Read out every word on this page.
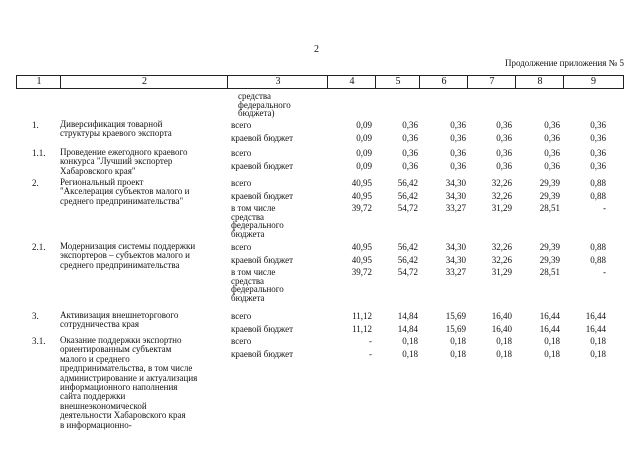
2
Продолжение приложения № 5
1	2	3	4	5	6	7	8	9
средства
федерального
бюджета)
1. Диверсификация товарной
структуры краевого экспорта
всего	0,09	0,36	0,36	0,36	0,36	0,36
краевой бюджет	0,09	0,36	0,36	0,36	0,36	0,36
1.1. Проведение ежегодного краевого
конкурса "Лучший экспортер
Хабаровского края"
всего	0,09	0,36	0,36	0,36	0,36	0,36
краевой бюджет	0,09	0,36	0,36	0,36	0,36	0,36
2. Региональный проект
"Акселерация субъектов малого и
среднего предпринимательства"
всего	40,95	56,42	34,30	32,26	29,39	0,88
краевой бюджет	40,95	56,42	34,30	32,26	29,39	0,88
в том числе
средства
федерального
бюджета
39,72	54,72	33,27	31,29	28,51	-
2.1. Модернизация системы поддержки
экспортеров – субъектов малого и
среднего предпринимательства
всего	40,95	56,42	34,30	32,26	29,39	0,88
краевой бюджет	40,95	56,42	34,30	32,26	29,39	0,88
в том числе
средства
федерального
бюджета
39,72	54,72	33,27	31,29	28,51	-
3. Активизация внешнеторгового
сотрудничества края
всего	11,12	14,84	15,69	16,40	16,44	16,44
краевой бюджет	11,12	14,84	15,69	16,40	16,44	16,44
3.1. Оказание поддержки экспортно
ориентированным субъектам
малого и среднего
предпринимательства, в том числе
администрирование и актуализация
информационного наполнения
сайта поддержки
внешнеэкономической
деятельности Хабаровского края
в информационно-
всего	-	0,18	0,18	0,18	0,18	0,18
краевой бюджет	-	0,18	0,18	0,18	0,18	0,18
